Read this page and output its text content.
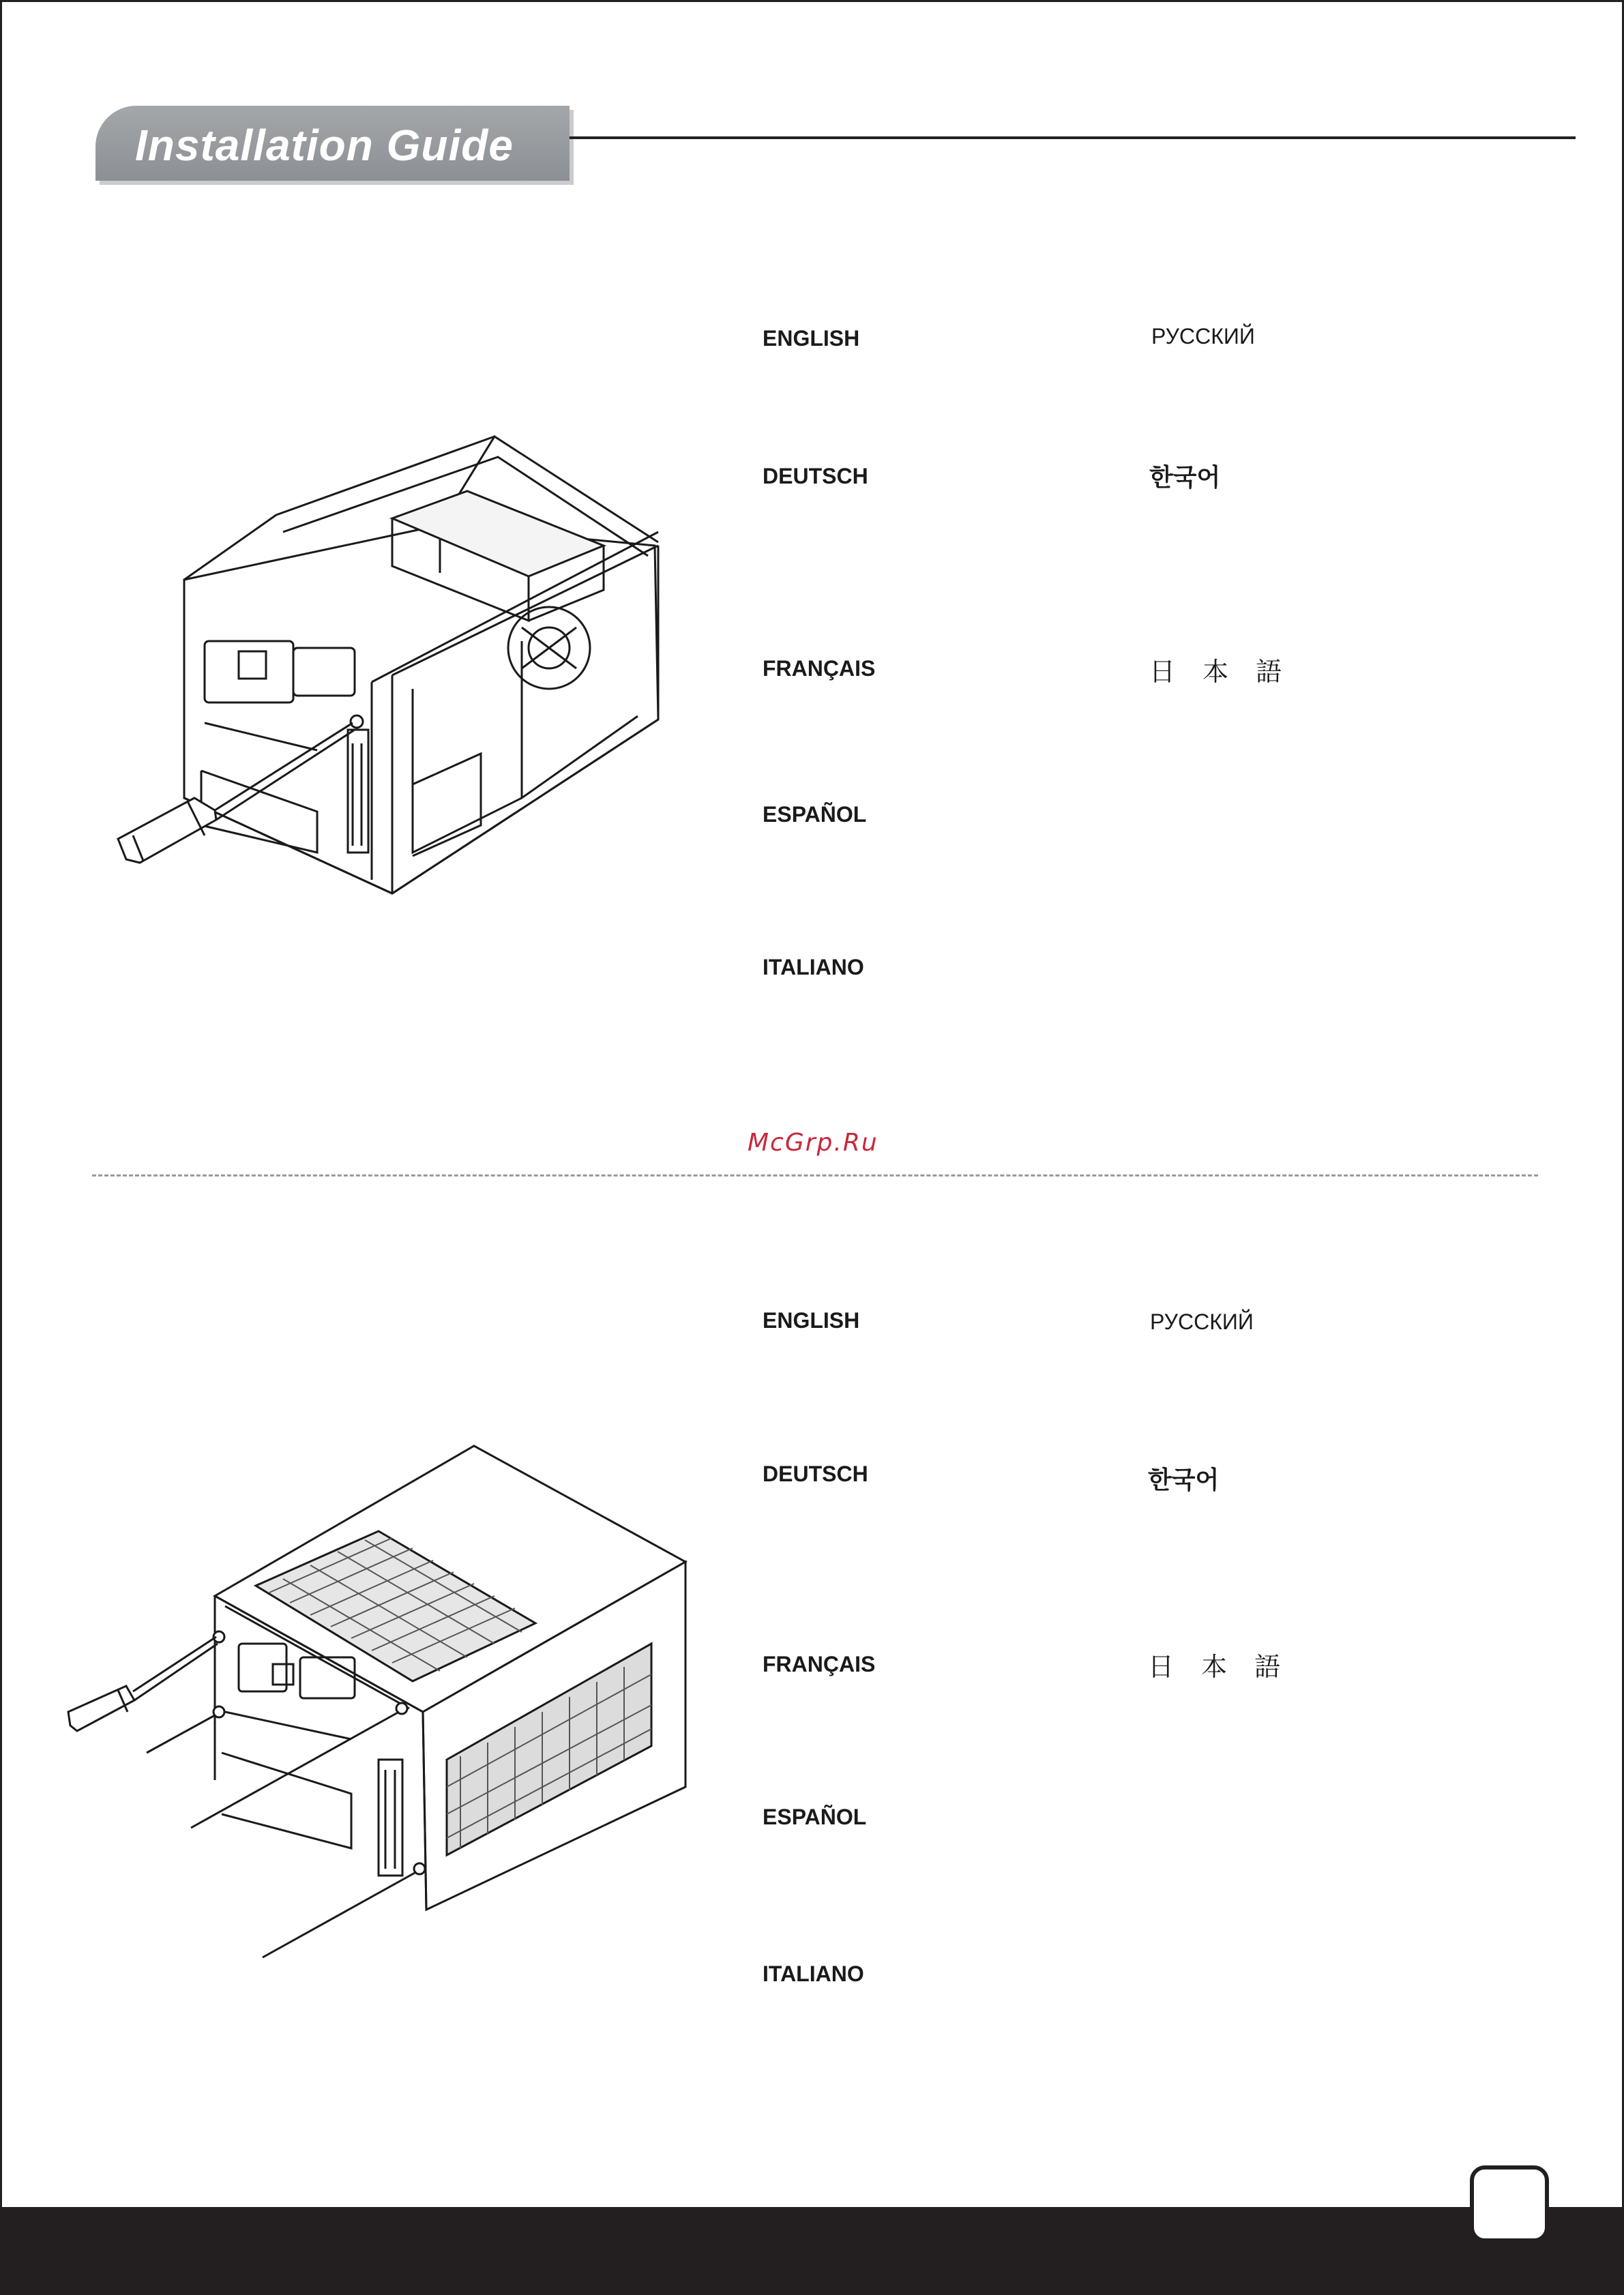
Installation Guide
ENGLISH
DEUTSCH
FRANÇAIS
ESPAÑOL
ITALIANO
РУССКИЙ
한국어
日 本 語
McGrp.Ru
ENGLISH
DEUTSCH
FRANÇAIS
ESPAÑOL
ITALIANO
РУССКИЙ
한국어
日 本 語
